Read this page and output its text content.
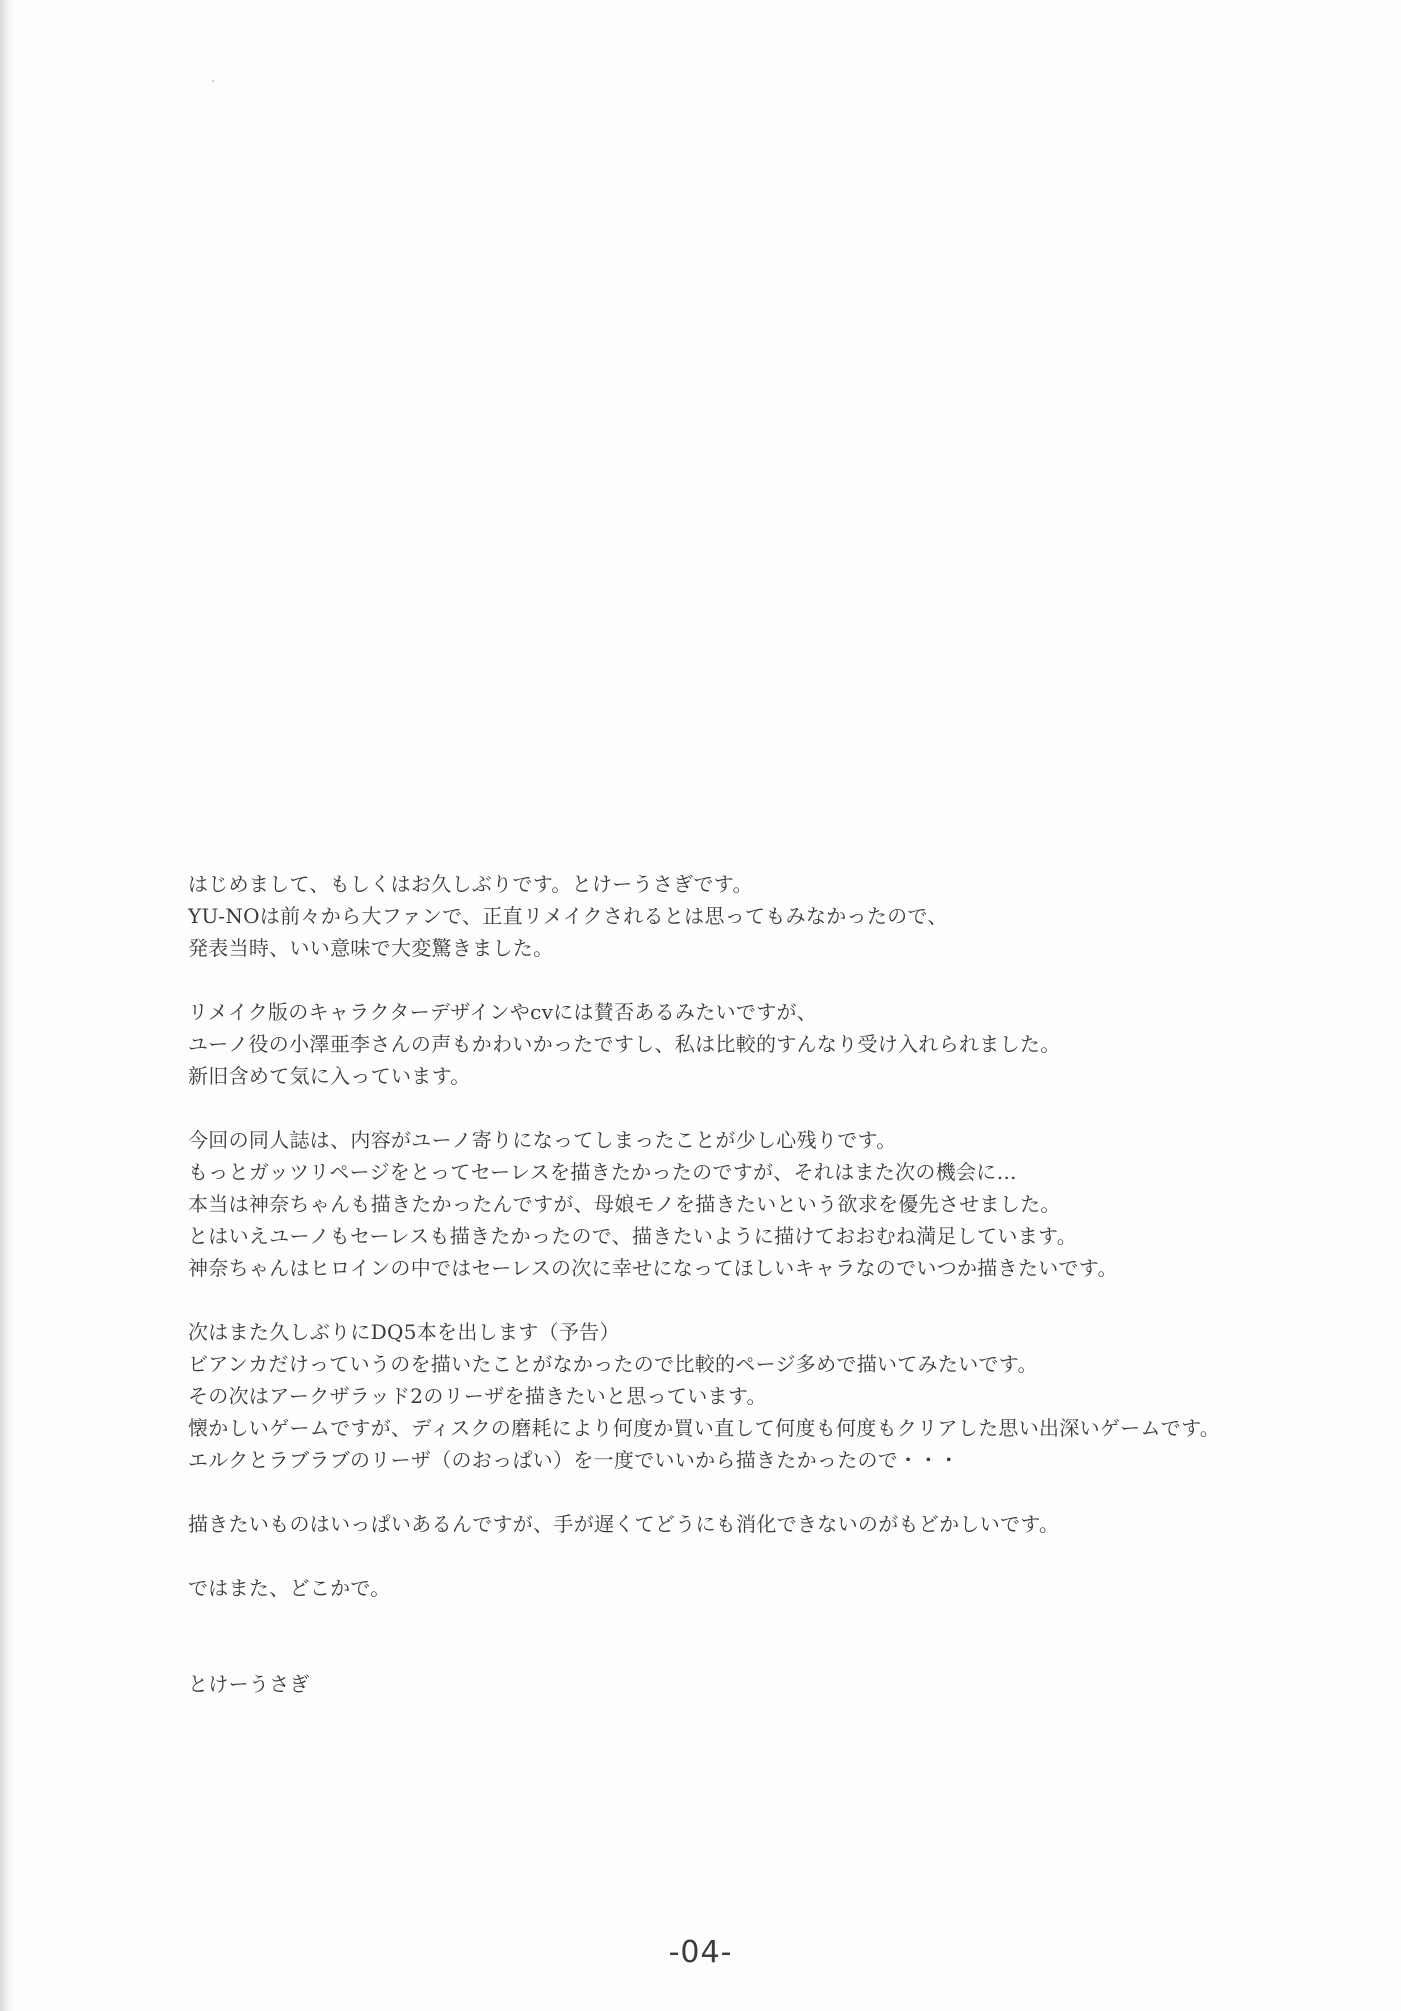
はじめまして、もしくはお久しぶりです。とけーうさぎです。
YU-NOは前々から大ファンで、正直リメイクされるとは思ってもみなかったので、
発表当時、いい意味で大変驚きました。
リメイク版のキャラクターデザインやcvには賛否あるみたいですが、
ユーノ役の小澤亜李さんの声もかわいかったですし、私は比較的すんなり受け入れられました。
新旧含めて気に入っています。
今回の同人誌は、内容がユーノ寄りになってしまったことが少し心残りです。
もっとガッツリページをとってセーレスを描きたかったのですが、それはまた次の機会に…
本当は神奈ちゃんも描きたかったんですが、母娘モノを描きたいという欲求を優先させました。
とはいえユーノもセーレスも描きたかったので、描きたいように描けておおむね満足しています。
神奈ちゃんはヒロインの中ではセーレスの次に幸せになってほしいキャラなのでいつか描きたいです。
次はまた久しぶりにDQ5本を出します（予告）
ビアンカだけっていうのを描いたことがなかったので比較的ページ多めで描いてみたいです。
その次はアークザラッド2のリーザを描きたいと思っています。
懐かしいゲームですが、ディスクの磨耗により何度か買い直して何度も何度もクリアした思い出深いゲームです。
エルクとラブラブのリーザ（のおっぱい）を一度でいいから描きたかったので・・・
描きたいものはいっぱいあるんですが、手が遅くてどうにも消化できないのがもどかしいです。
ではまた、どこかで。
とけーうさぎ
-04-
